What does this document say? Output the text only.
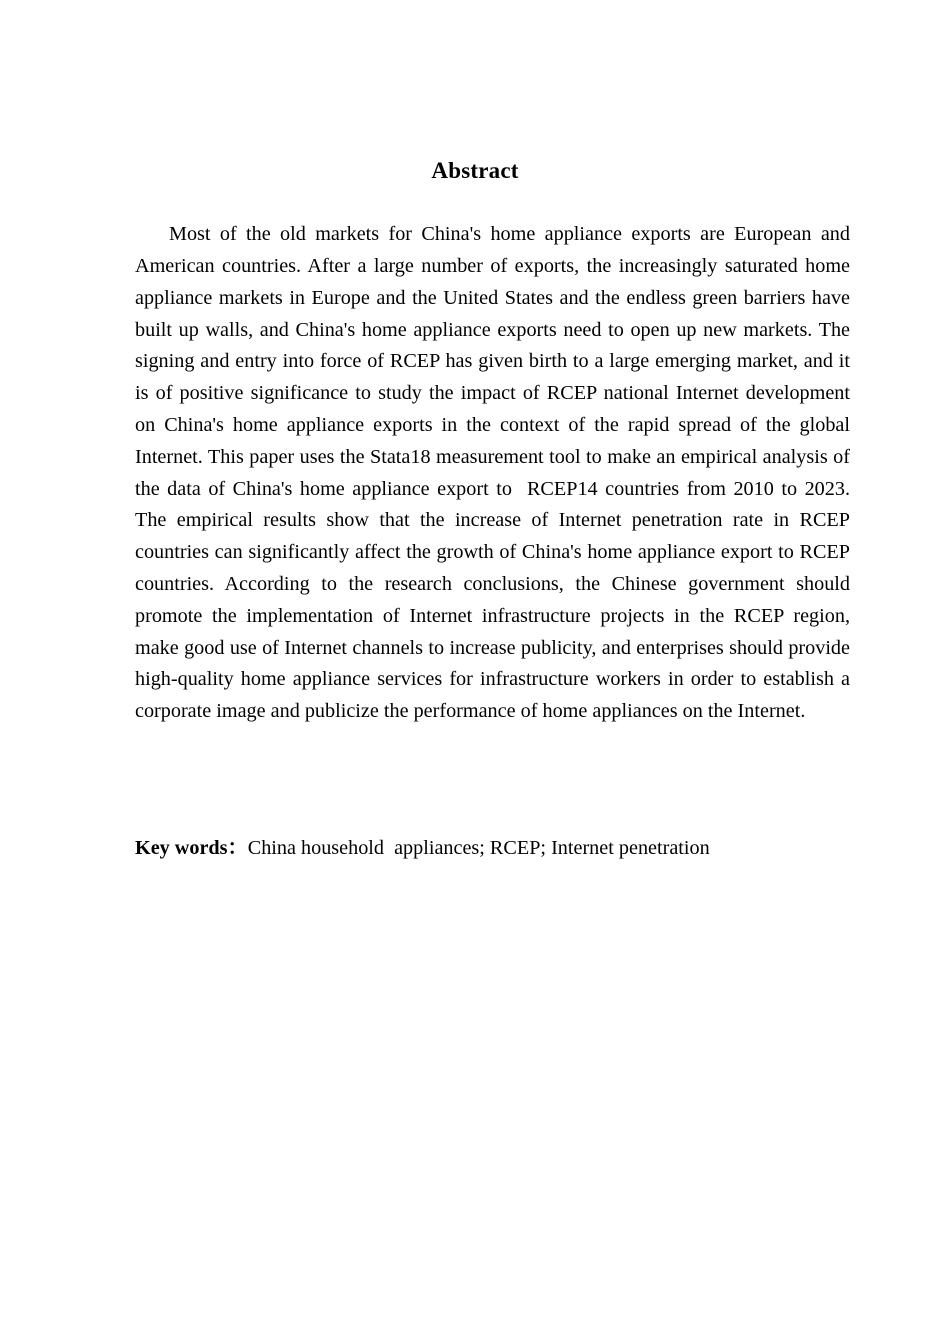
Abstract

Most of the old markets for China's home appliance exports are European and American countries. After a large number of exports, the increasingly saturated home appliance markets in Europe and the United States and the endless green barriers have built up walls, and China's home appliance exports need to open up new markets. The signing and entry into force of RCEP has given birth to a large emerging market, and it is of positive significance to study the impact of RCEP national Internet development on China's home appliance exports in the context of the rapid spread of the global Internet. This paper uses the Stata18 measurement tool to make an empirical analysis of the data of China's home appliance export to  RCEP14 countries from 2010 to 2023. The empirical results show that the increase of Internet penetration rate in RCEP countries can significantly affect the growth of China's home appliance export to RCEP countries. According to the research conclusions, the Chinese government should promote the implementation of Internet infrastructure projects in the RCEP region, make good use of Internet channels to increase publicity, and enterprises should provide high-quality home appliance services for infrastructure workers in order to establish a corporate image and publicize the performance of home appliances on the Internet.

Key words：China household  appliances; RCEP; Internet penetration
